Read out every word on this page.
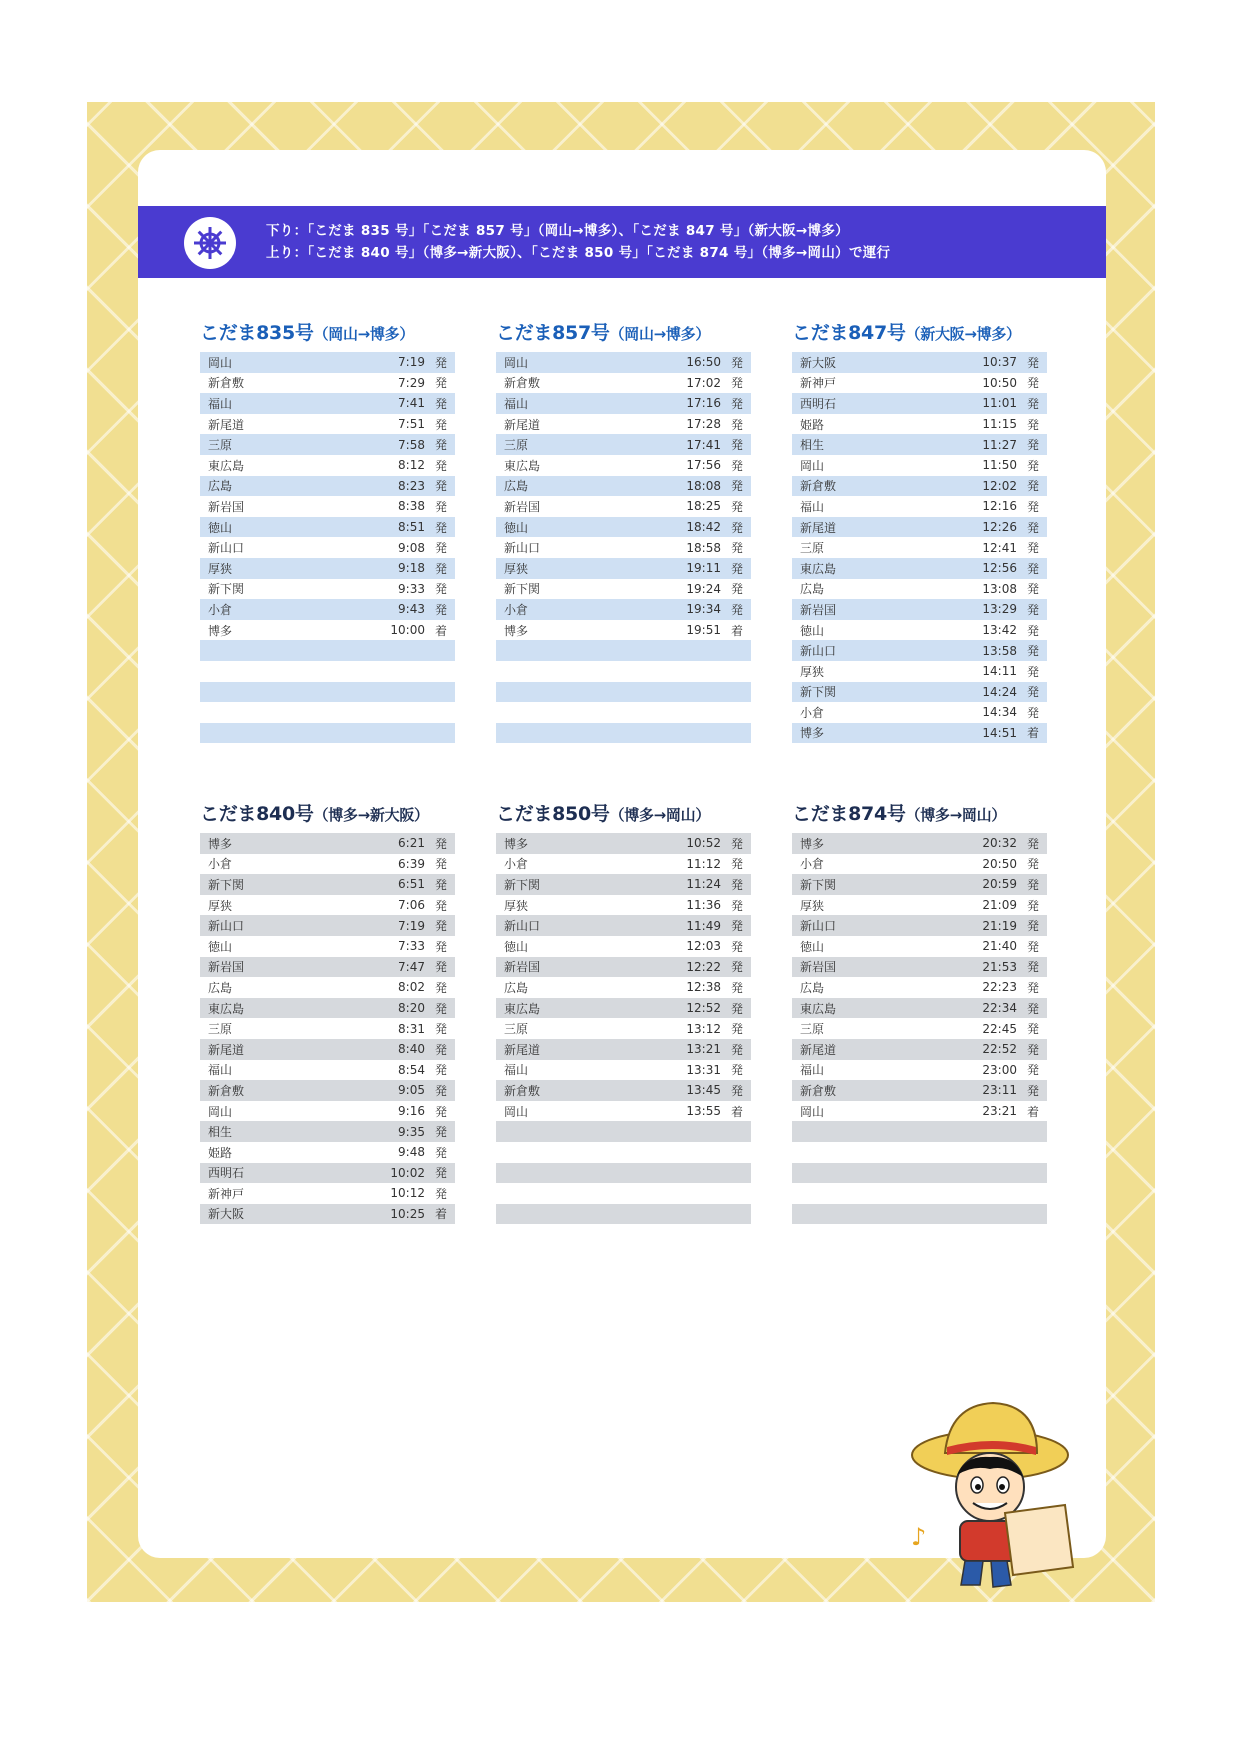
下り：「こだま 835 号」「こだま 857 号」（岡山→博多）、「こだま 847 号」（新大阪→博多）
上り：「こだま 840 号」（博多→新大阪）、「こだま 850 号」「こだま 874 号」（博多→岡山）で運行
こだま835号（岡山→博多）
岡山	7:19 発
新倉敷	7:29 発
福山	7:41 発
新尾道	7:51 発
三原	7:58 発
東広島	8:12 発
広島	8:23 発
新岩国	8:38 発
徳山	8:51 発
新山口	9:08 発
厚狭	9:18 発
新下関	9:33 発
小倉	9:43 発
博多	10:00 着
こだま857号（岡山→博多）
岡山	16:50 発
新倉敷	17:02 発
福山	17:16 発
新尾道	17:28 発
三原	17:41 発
東広島	17:56 発
広島	18:08 発
新岩国	18:25 発
徳山	18:42 発
新山口	18:58 発
厚狭	19:11 発
新下関	19:24 発
小倉	19:34 発
博多	19:51 着
こだま847号（新大阪→博多）
新大阪	10:37 発
新神戸	10:50 発
西明石	11:01 発
姫路	11:15 発
相生	11:27 発
岡山	11:50 発
新倉敷	12:02 発
福山	12:16 発
新尾道	12:26 発
三原	12:41 発
東広島	12:56 発
広島	13:08 発
新岩国	13:29 発
徳山	13:42 発
新山口	13:58 発
厚狭	14:11 発
新下関	14:24 発
小倉	14:34 発
博多	14:51 着
こだま840号（博多→新大阪）
博多	6:21 発
小倉	6:39 発
新下関	6:51 発
厚狭	7:06 発
新山口	7:19 発
徳山	7:33 発
新岩国	7:47 発
広島	8:02 発
東広島	8:20 発
三原	8:31 発
新尾道	8:40 発
福山	8:54 発
新倉敷	9:05 発
岡山	9:16 発
相生	9:35 発
姫路	9:48 発
西明石	10:02 発
新神戸	10:12 発
新大阪	10:25 着
こだま850号（博多→岡山）
博多	10:52 発
小倉	11:12 発
新下関	11:24 発
厚狭	11:36 発
新山口	11:49 発
徳山	12:03 発
新岩国	12:22 発
広島	12:38 発
東広島	12:52 発
三原	13:12 発
新尾道	13:21 発
福山	13:31 発
新倉敷	13:45 発
岡山	13:55 着
こだま874号（博多→岡山）
博多	20:32 発
小倉	20:50 発
新下関	20:59 発
厚狭	21:09 発
新山口	21:19 発
徳山	21:40 発
新岩国	21:53 発
広島	22:23 発
東広島	22:34 発
三原	22:45 発
新尾道	22:52 発
福山	23:00 発
新倉敷	23:11 発
岡山	23:21 着
♪
